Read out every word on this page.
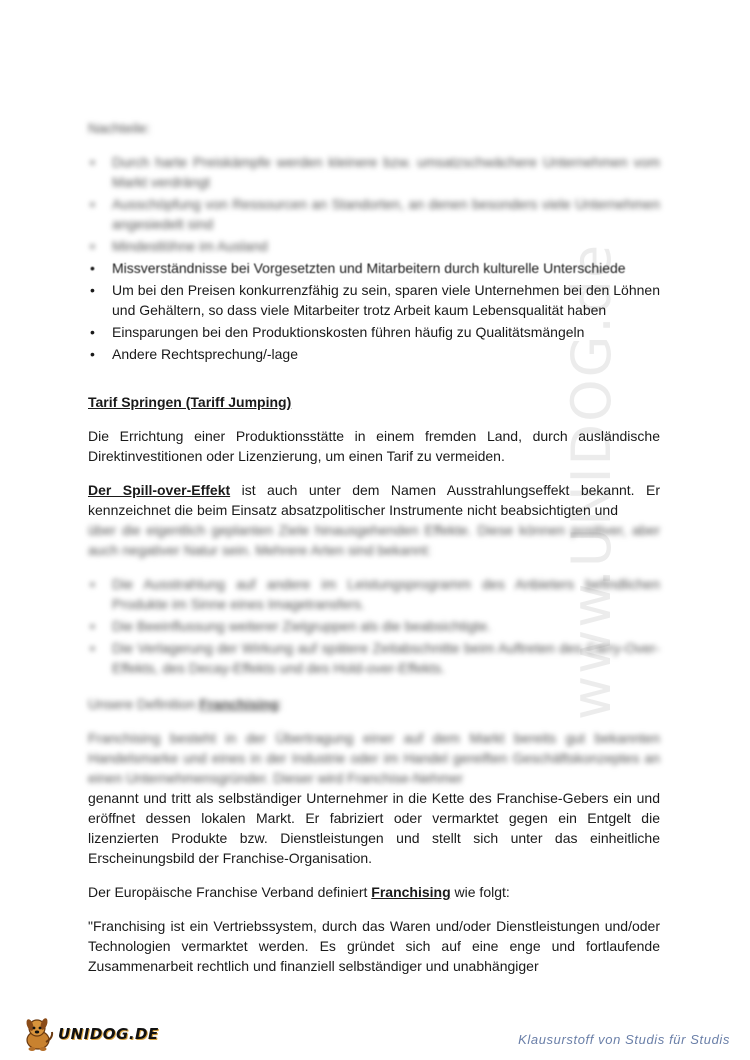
www.UNIDOG.de
Nachteile:
• Durch harte Preiskämpfe werden kleinere bzw. umsatzschwächere Unternehmen vom Markt verdrängt
• Ausschöpfung von Ressourcen an Standorten, an denen besonders viele Unternehmen angesiedelt sind
• Mindestlöhne im Ausland
• Missverständnisse bei Vorgesetzten und Mitarbeitern durch kulturelle Unterschiede
• Um bei den Preisen konkurrenzfähig zu sein, sparen viele Unternehmen bei den Löhnen und Gehältern, so dass viele Mitarbeiter trotz Arbeit kaum Lebensqualität haben
• Einsparungen bei den Produktionskosten führen häufig zu Qualitätsmängeln
• Andere Rechtsprechung/-lage
Tarif Springen (Tariff Jumping)

Die Errichtung einer Produktionsstätte in einem fremden Land, durch ausländische Direktinvestitionen oder Lizenzierung, um einen Tarif zu vermeiden.

Der Spill-over-Effekt ist auch unter dem Namen Ausstrahlungseffekt bekannt. Er kennzeichnet die beim Einsatz absatzpolitischer Instrumente nicht beabsichtigten und

über die eigentlich geplanten Ziele hinausgehenden Effekte. Diese können positiver, aber auch negativer Natur sein. Mehrere Arten sind bekannt:

• Die Ausstrahlung auf andere im Leistungsprogramm des Anbieters befindlichen Produkte im Sinne eines Imagetransfers.
• Die Beeinflussung weiterer Zielgruppen als die beabsichtigte.
• Die Verlagerung der Wirkung auf spätere Zeitabschnitte beim Auftreten des Carry-Over-Effekts, des Decay-Effekts und des Hold-over-Effekts.

Unsere Definition Franchising:

Franchising besteht in der Übertragung einer auf dem Markt bereits gut bekannten Handelsmarke und eines in der Industrie oder im Handel gereiften Geschäftskonzeptes an einen Unternehmensgründer. Dieser wird Franchise-Nehmer

genannt und tritt als selbständiger Unternehmer in die Kette des Franchise-Gebers ein und eröffnet dessen lokalen Markt. Er fabriziert oder vermarktet gegen ein Entgelt die lizenzierten Produkte bzw. Dienstleistungen und stellt sich unter das einheitliche Erscheinungsbild der Franchise-Organisation.

Der Europäische Franchise Verband definiert Franchising wie folgt:

"Franchising ist ein Vertriebssystem, durch das Waren und/oder Dienstleistungen und/oder Technologien vermarktet werden. Es gründet sich auf eine enge und fortlaufende Zusammenarbeit rechtlich und finanziell selbständiger und unabhängiger

UNIDOG.DE	Klausurstoff von Studis für Studis
